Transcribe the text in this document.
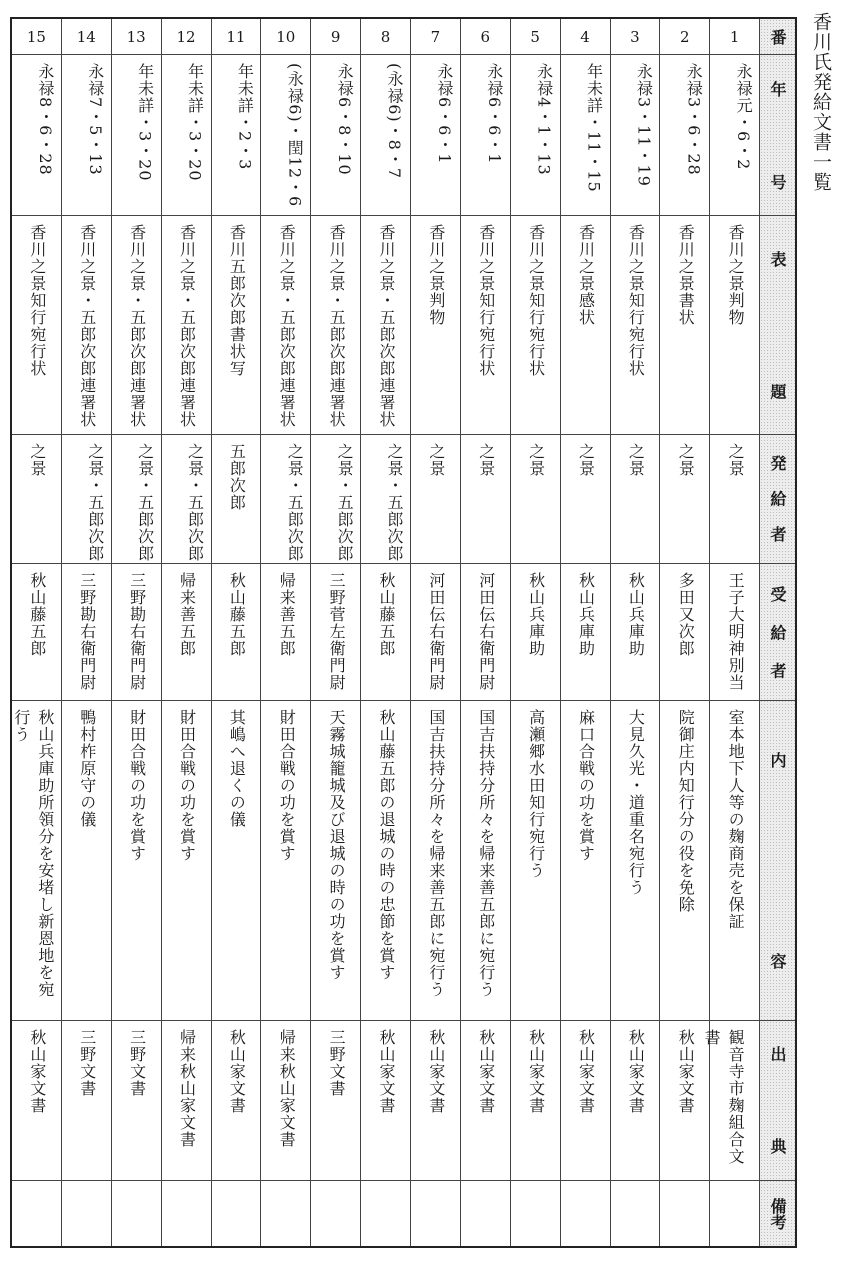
香川氏発給文書一覧
15
永禄8・6・28
香川之景知行宛行状
之景
秋山藤五郎
秋山兵庫助所領分を安堵し新恩地を宛行う
秋山家文書
14
永禄7・5・13
香川之景・五郎次郎連署状
之景・五郎次郎
三野勘右衛門尉
鴨村柞原守の儀
三野文書
13
年未詳・3・20
香川之景・五郎次郎連署状
之景・五郎次郎
三野勘右衛門尉
財田合戦の功を賞す
三野文書
12
年未詳・3・20
香川之景・五郎次郎連署状
之景・五郎次郎
帰来善五郎
財田合戦の功を賞す
帰来秋山家文書
11
年未詳・2・3
香川五郎次郎書状写
五郎次郎
秋山藤五郎
其嶋へ退くの儀
秋山家文書
10
(永禄6)・閏12・6
香川之景・五郎次郎連署状
之景・五郎次郎
帰来善五郎
財田合戦の功を賞す
帰来秋山家文書
9
永禄6・8・10
香川之景・五郎次郎連署状
之景・五郎次郎
三野菅左衛門尉
天霧城籠城及び退城の時の功を賞す
三野文書
8
(永禄6)・8・7
香川之景・五郎次郎連署状
之景・五郎次郎
秋山藤五郎
秋山藤五郎の退城の時の忠節を賞す
秋山家文書
7
永禄6・6・1
香川之景判物
之景
河田伝右衛門尉
国吉扶持分所々を帰来善五郎に宛行う
秋山家文書
6
永禄6・6・1
香川之景知行宛行状
之景
河田伝右衛門尉
国吉扶持分所々を帰来善五郎に宛行う
秋山家文書
5
永禄4・1・13
香川之景知行宛行状
之景
秋山兵庫助
高瀬郷水田知行宛行う
秋山家文書
4
年未詳・11・15
香川之景感状
之景
秋山兵庫助
麻口合戦の功を賞す
秋山家文書
3
永禄3・11・19
香川之景知行宛行状
之景
秋山兵庫助
大見久光・道重名宛行う
秋山家文書
2
永禄3・6・28
香川之景書状
之景
多田又次郎
院御庄内知行分の役を免除
秋山家文書
1
永禄元・6・2
香川之景判物
之景
王子大明神別当
室本地下人等の麹商売を保証
観音寺市麹組合文書
番
年号
表題
発給者
受給者
内容
出典
備考
